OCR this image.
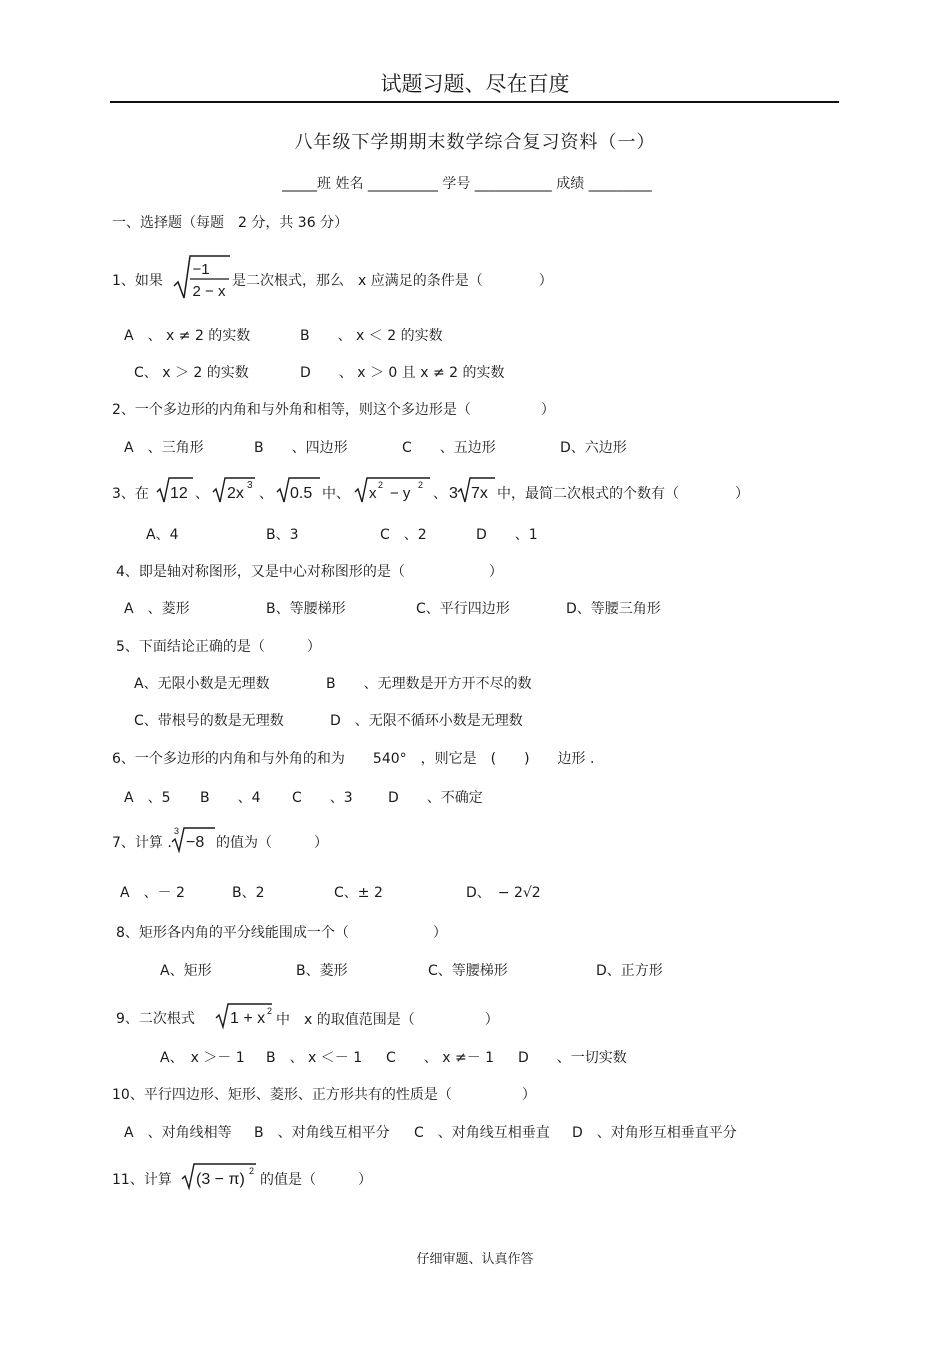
试题习题、尽在百度
八年级下学期期末数学综合复习资料（一）
_____班 姓名 __________ 学号 ___________ 成绩 _________
一、选择题（每题　2 分，共 36 分）
1、如果
−1
2 − x
是二次根式，那么　x 应满足的条件是（　　　　）
A　、 x ≠ 2 的实数	B　　、 x ＜ 2 的实数
C、 x ＞ 2 的实数	D　　、 x ＞ 0 且 x ≠ 2 的实数
2、一个多边形的内角和与外角和相等，则这个多边形是（　　　　　）
A　、三角形	B　　、四边形	C　　、五边形	D、六边形
3、在 12 、 2x 3 、 0.5 中、 x 2 − y 2 、 3 7x 中，最简二次根式的个数有（　　　　）
A、4	B、3	C　、2	D　　、1
4、即是轴对称图形，又是中心对称图形的是（　　　　　　）
A　、菱形	B、等腰梯形	C、平行四边形	D、等腰三角形
5、下面结论正确的是（　　　）
A、无限小数是无理数	B　　、无理数是开方开不尽的数
C、带根号的数是无理数	D　、无限不循环小数是无理数
6、一个多边形的内角和与外角的和为　　540°　，则它是　(　　)　　边形 .
A　、5 B　　、4 C　　、3	D　　、不确定
7、计算 .
3
−8 的值为（　　　）
A　、－ 2	B、2	C、± 2	D、　− 2√2
8、矩形各内角的平分线能围成一个（　　　　　　）
A、矩形	B、菱形	C、等腰梯形	D、正方形
9、二次根式 1 + x 2
中　x 的取值范围是（　　　　　）
A、　x ＞－ 1 B　、 x ＜－ 1 C　　、 x ≠－ 1 D　　、一切实数
10、平行四边形、矩形、菱形、正方形共有的性质是（　　　　　）
A　、对角线相等 B　、对角线互相平分 C　、对角线互相垂直 D　、对角形互相垂直平分
11、计算 (3 − π) 2
的值是（　　　）
仔细审题、认真作答
